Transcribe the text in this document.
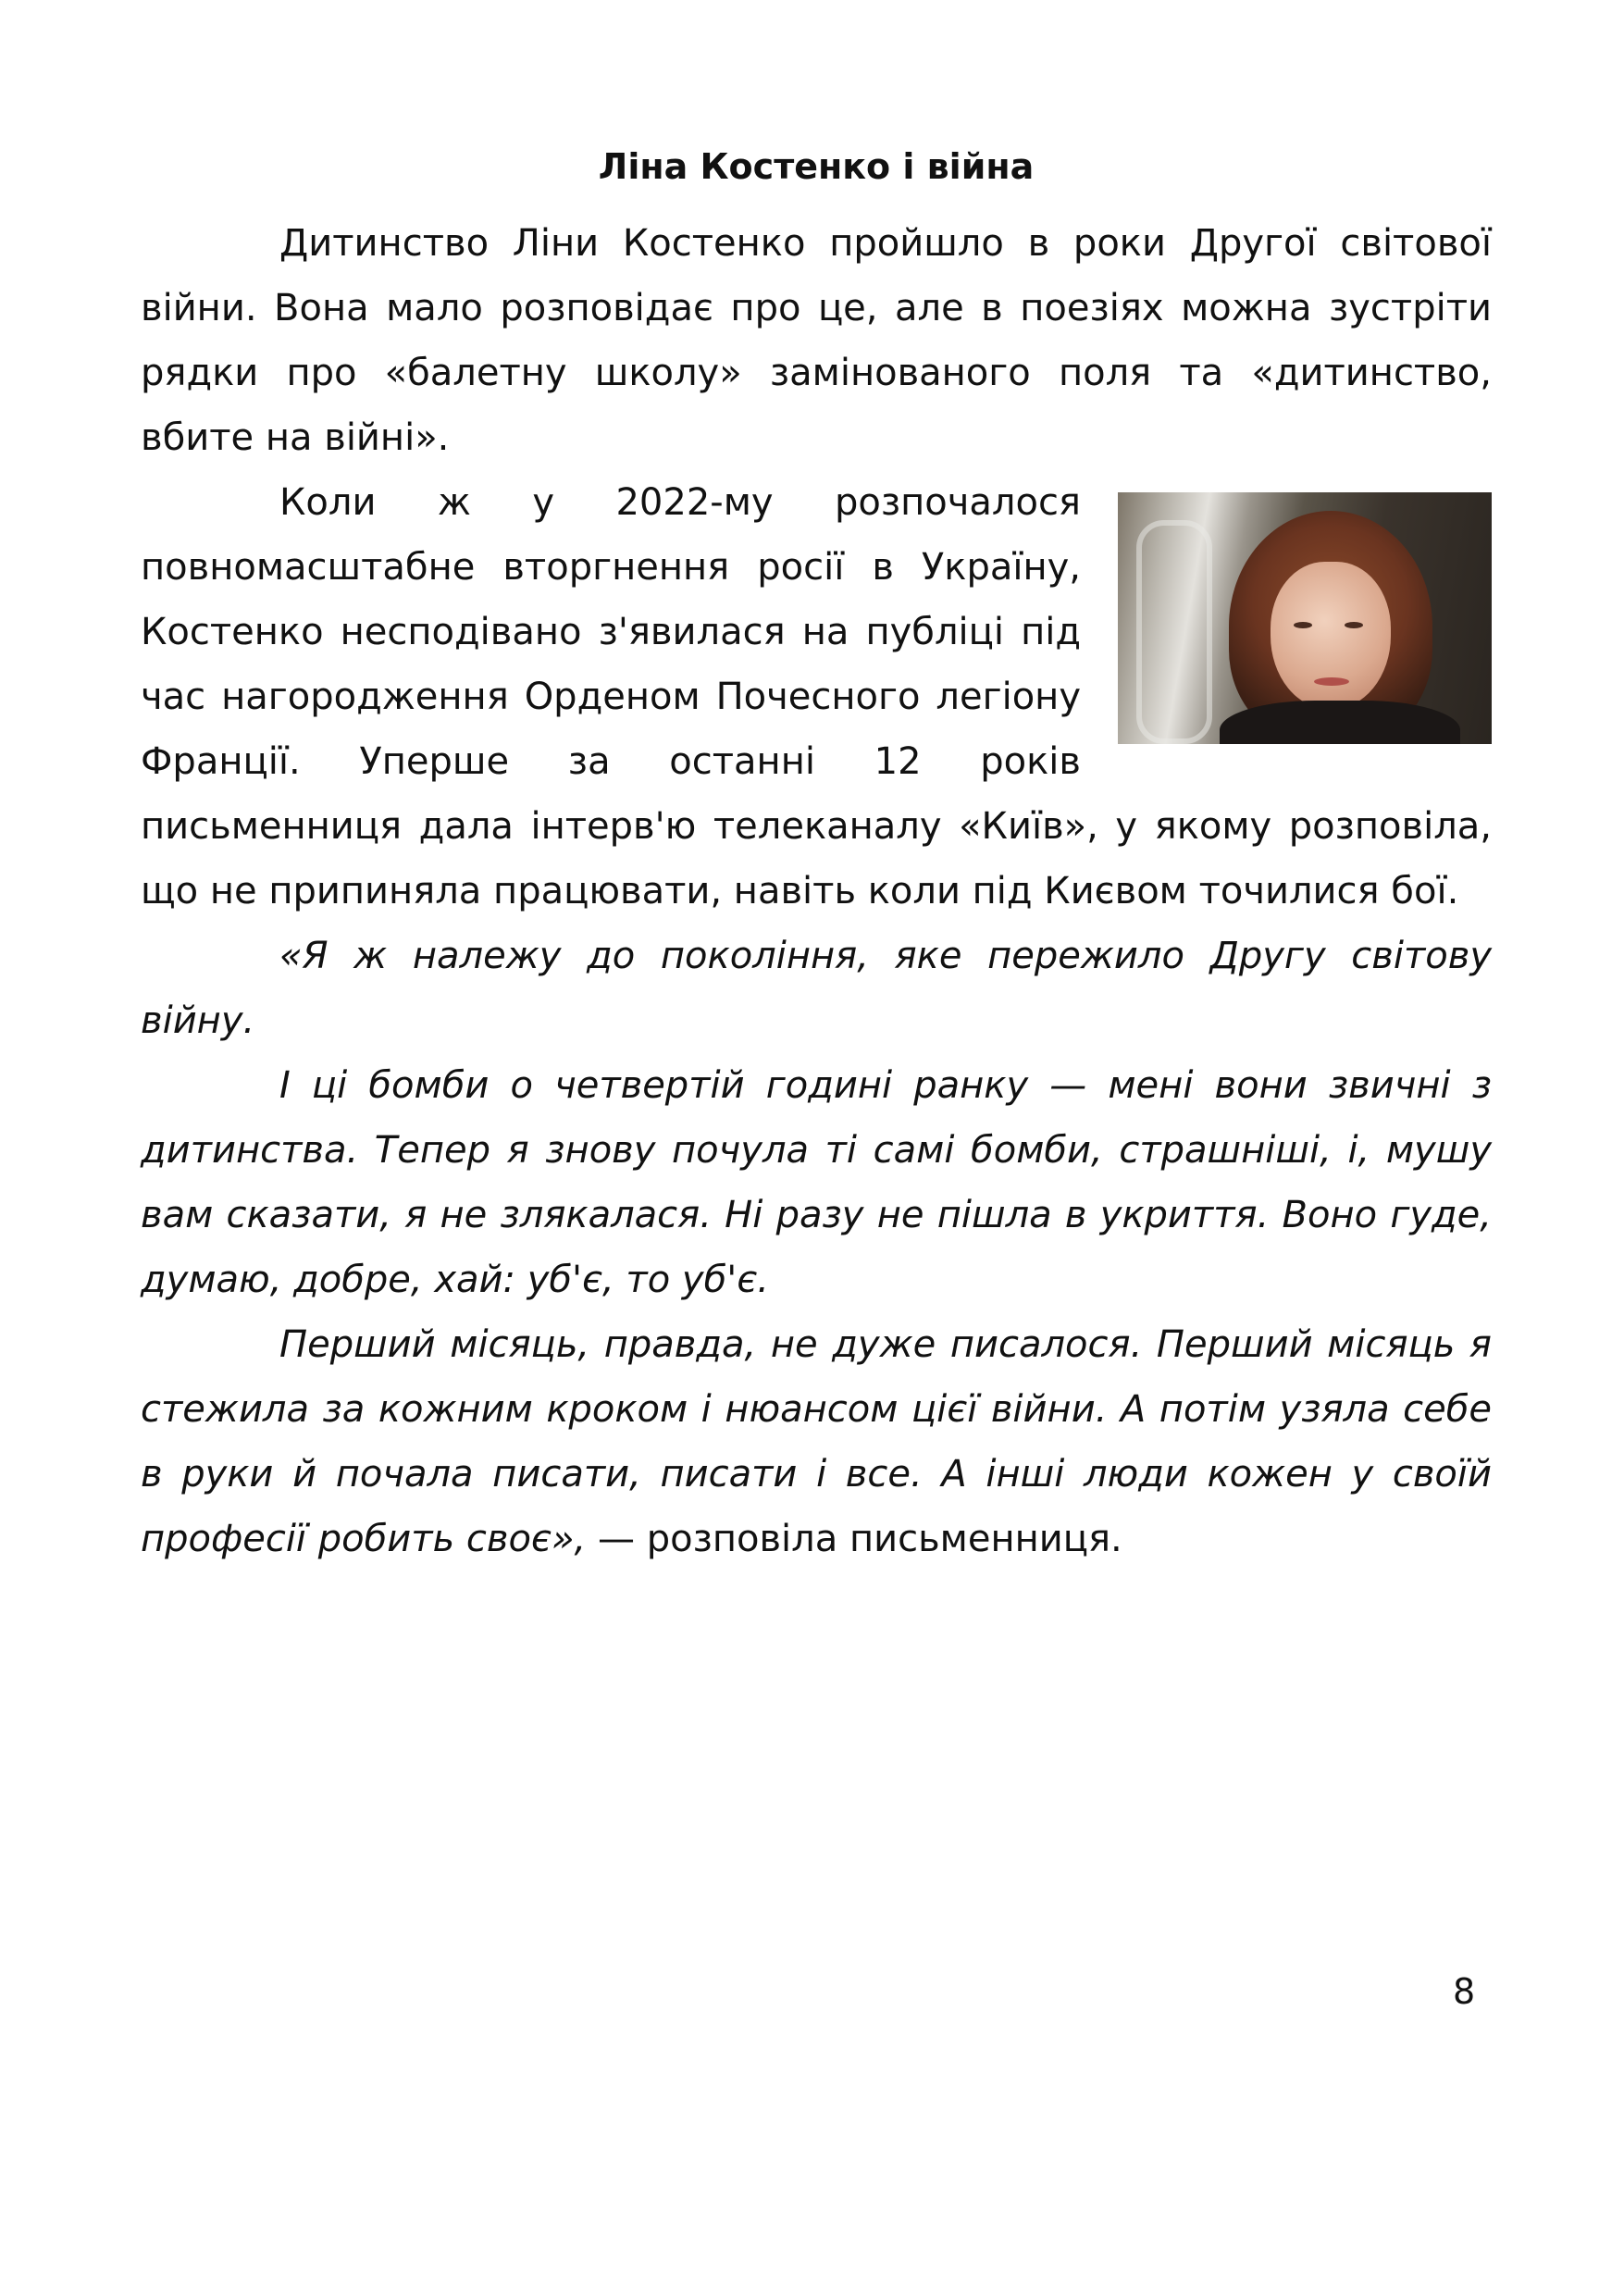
Ліна Костенко і війна

Дитинство Ліни Костенко пройшло в роки Другої світової війни. Вона мало розповідає про це, але в поезіях можна зустріти рядки про «балетну школу» замінованого поля та «дитинство, вбите на війні».

Коли ж у 2022-му розпочалося повномасштабне вторгнення росії в Україну, Костенко несподівано з'явилася на публіці під час нагородження Орденом Почесного легіону Франції. Уперше за останні 12 років письменниця дала інтерв'ю телеканалу «Київ», у якому розповіла, що не припиняла працювати, навіть коли під Києвом точилися бої.

«Я ж належу до покоління, яке пережило Другу світову війну.

І ці бомби о четвертій годині ранку — мені вони звичні з дитинства. Тепер я знову почула ті самі бомби, страшніші, і, мушу вам сказати, я не злякалася. Ні разу не пішла в укриття. Воно гуде, думаю, добре, хай: уб'є, то уб'є.

Перший місяць, правда, не дуже писалося. Перший місяць я стежила за кожним кроком і нюансом цієї війни. А потім узяла себе в руки й почала писати, писати і все. А інші люди кожен у своїй професії робить своє», — розповіла письменниця.

8
